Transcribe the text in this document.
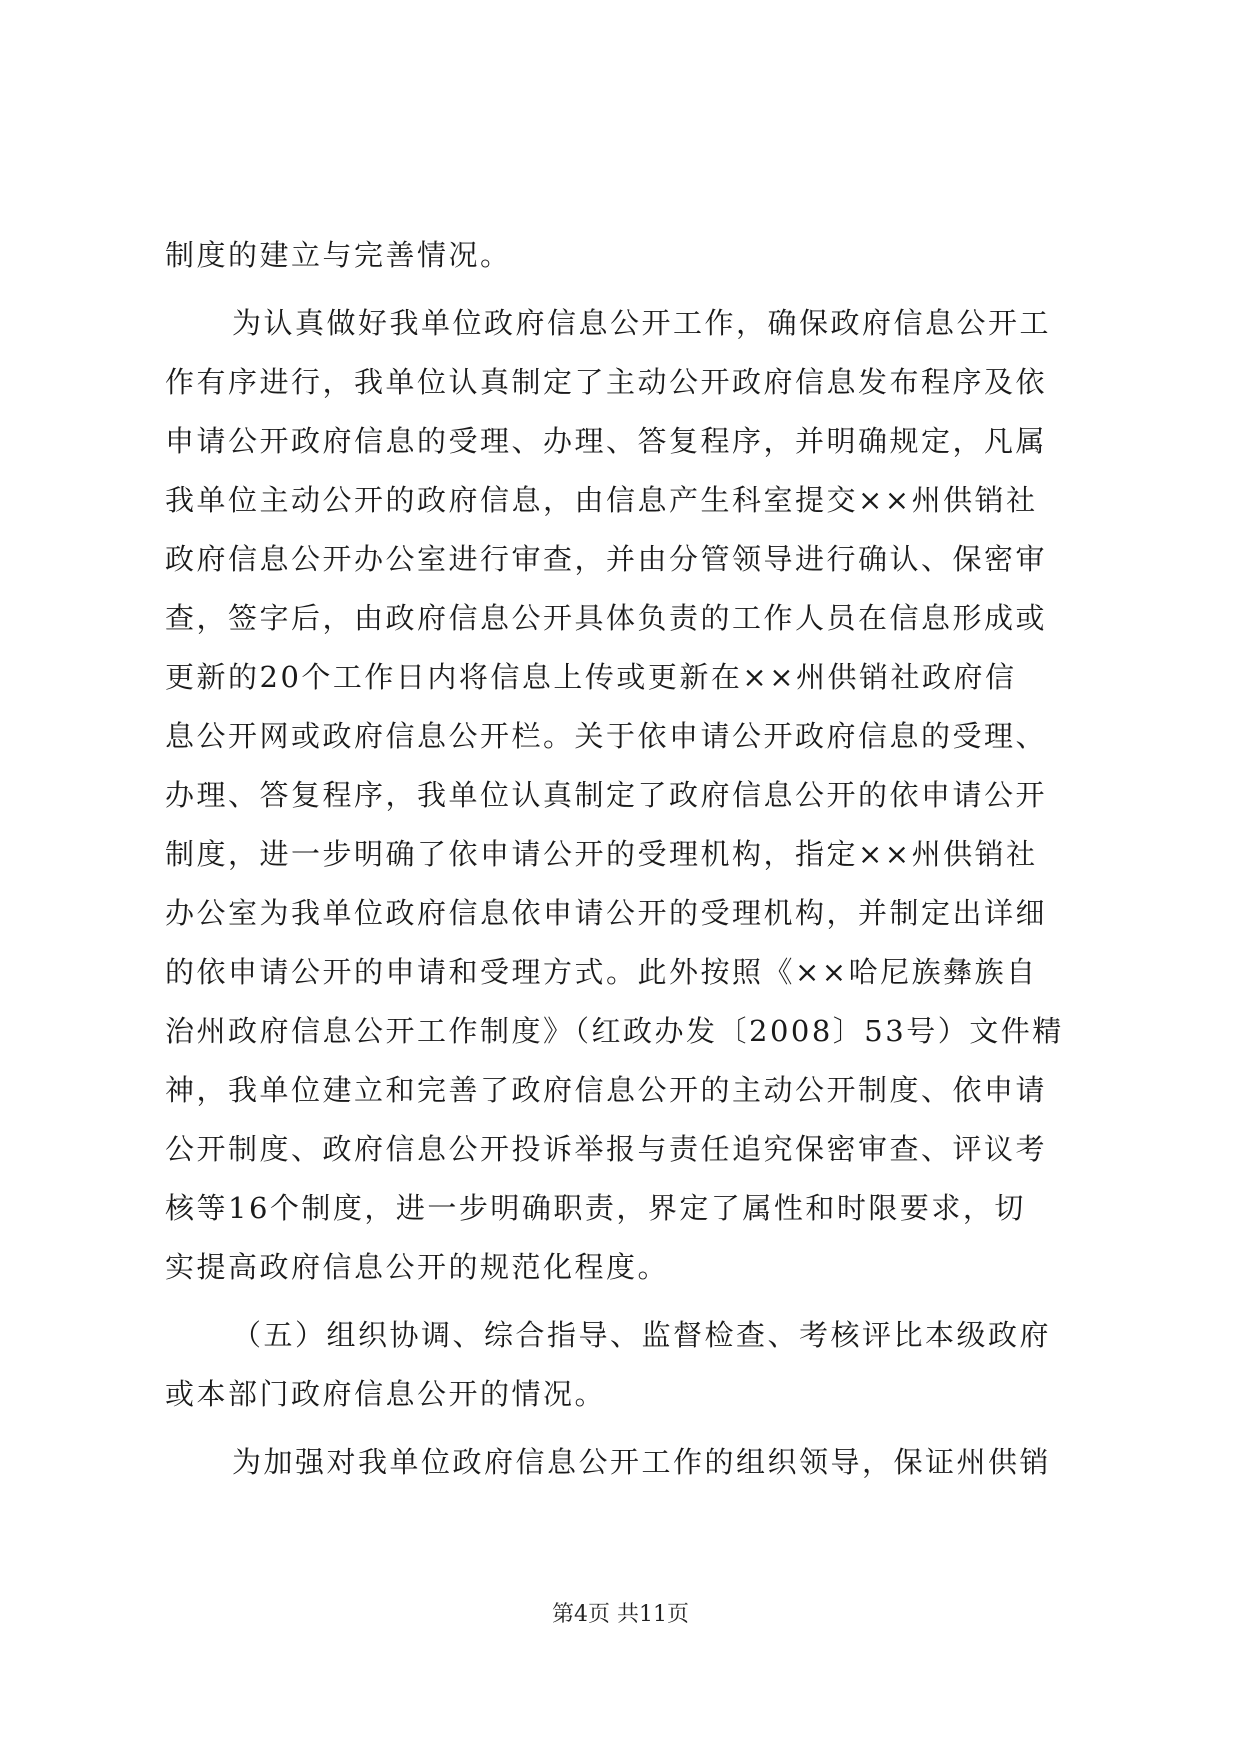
制度的建立与完善情况。
为认真做好我单位政府信息公开工作，确保政府信息公开工
作有序进行，我单位认真制定了主动公开政府信息发布程序及依
申请公开政府信息的受理、办理、答复程序，并明确规定，凡属
我单位主动公开的政府信息，由信息产生科室提交××州供销社
政府信息公开办公室进行审查，并由分管领导进行确认、保密审
查，签字后，由政府信息公开具体负责的工作人员在信息形成或
更新的20个工作日内将信息上传或更新在××州供销社政府信
息公开网或政府信息公开栏。关于依申请公开政府信息的受理、
办理、答复程序，我单位认真制定了政府信息公开的依申请公开
制度，进一步明确了依申请公开的受理机构，指定××州供销社
办公室为我单位政府信息依申请公开的受理机构，并制定出详细
的依申请公开的申请和受理方式。此外按照《××哈尼族彝族自
治州政府信息公开工作制度》（红政办发〔2008〕53号）文件精
神，我单位建立和完善了政府信息公开的主动公开制度、依申请
公开制度、政府信息公开投诉举报与责任追究保密审查、评议考
核等16个制度，进一步明确职责，界定了属性和时限要求，切
实提高政府信息公开的规范化程度。
（五）组织协调、综合指导、监督检查、考核评比本级政府
或本部门政府信息公开的情况。
为加强对我单位政府信息公开工作的组织领导，保证州供销
第4页 共11页
